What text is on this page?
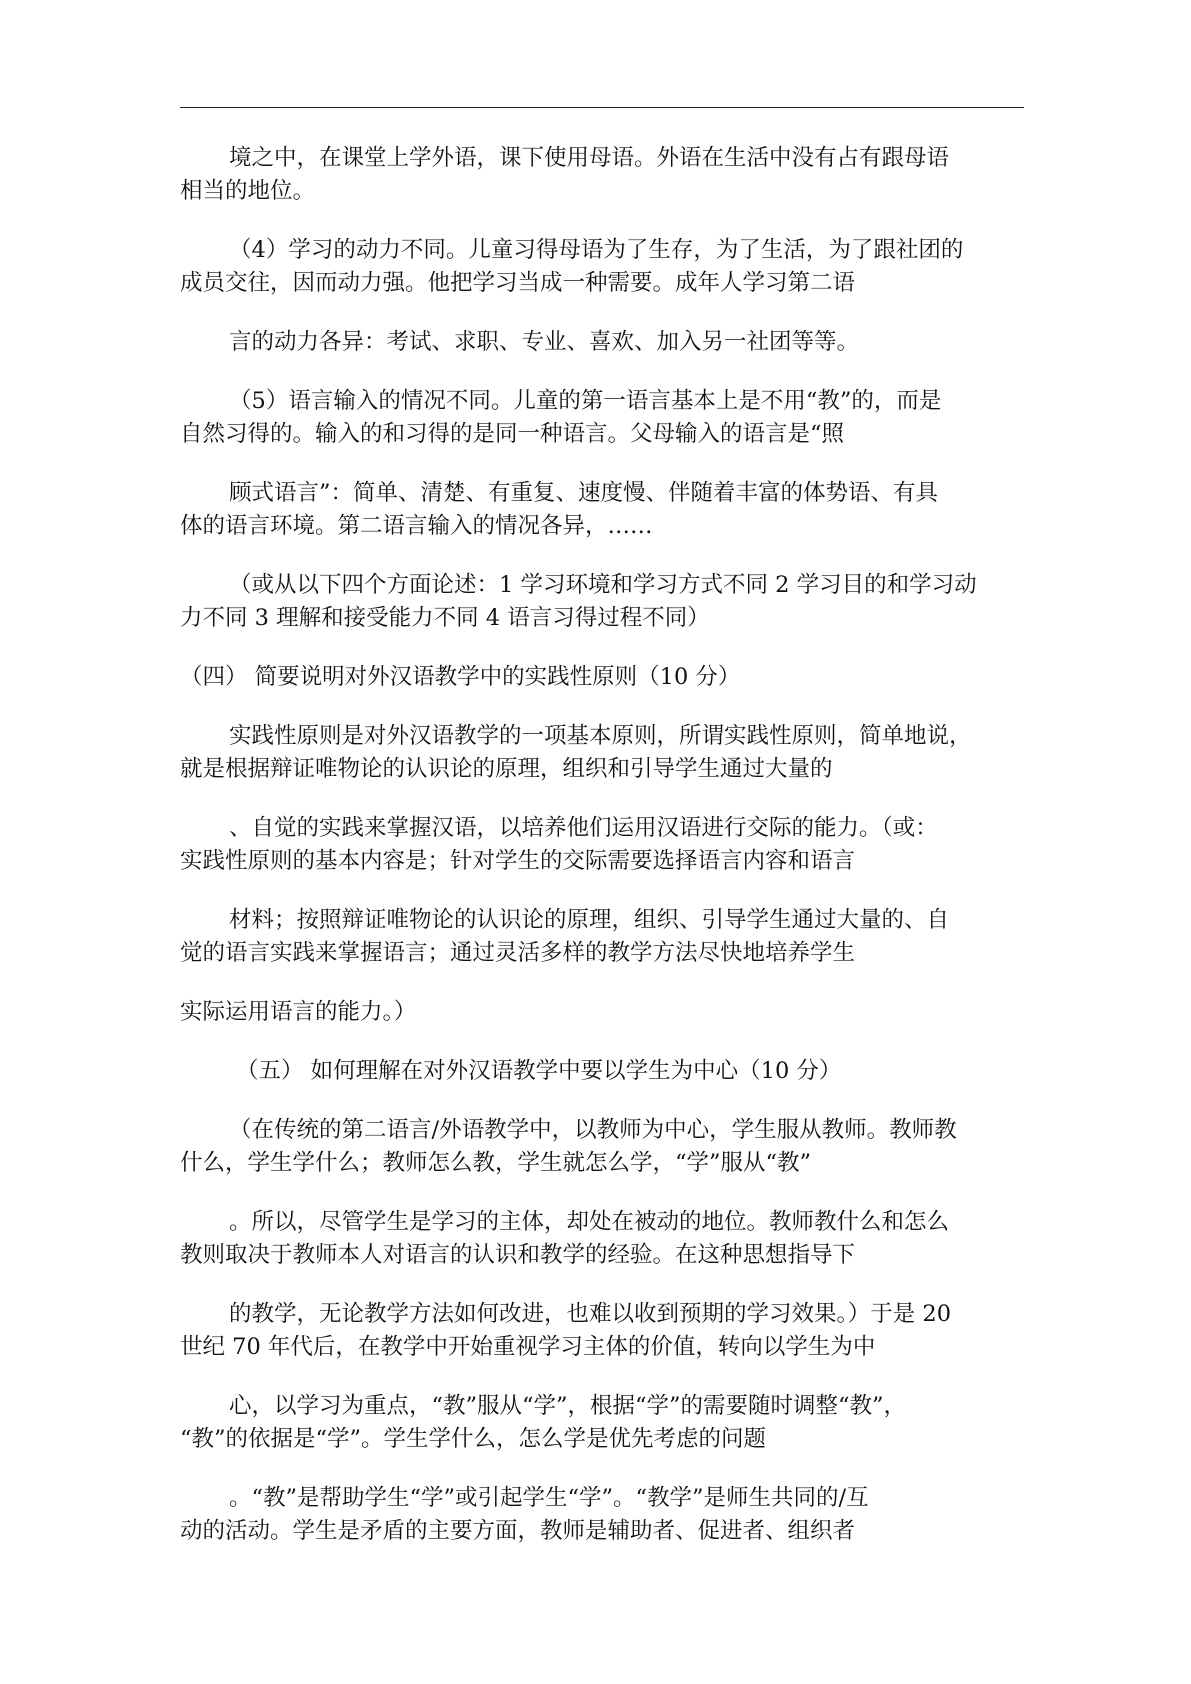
境之中，在课堂上学外语，课下使用母语。外语在生活中没有占有跟母语
相当的地位。
（4）学习的动力不同。儿童习得母语为了生存，为了生活，为了跟社团的
成员交往，因而动力强。他把学习当成一种需要。成年人学习第二语
言的动力各异：考试、求职、专业、喜欢、加入另一社团等等。
（5）语言输入的情况不同。儿童的第一语言基本上是不用“教”的，而是
自然习得的。输入的和习得的是同一种语言。父母输入的语言是“照
顾式语言”：简单、清楚、有重复、速度慢、伴随着丰富的体势语、有具
体的语言环境。第二语言输入的情况各异，……
（或从以下四个方面论述：1 学习环境和学习方式不同 2 学习目的和学习动
力不同 3 理解和接受能力不同 4 语言习得过程不同）
（四） 简要说明对外汉语教学中的实践性原则（10 分）
实践性原则是对外汉语教学的一项基本原则，所谓实践性原则，简单地说，
就是根据辩证唯物论的认识论的原理，组织和引导学生通过大量的
、自觉的实践来掌握汉语，以培养他们运用汉语进行交际的能力。（或：
实践性原则的基本内容是；针对学生的交际需要选择语言内容和语言
材料；按照辩证唯物论的认识论的原理，组织、引导学生通过大量的、自
觉的语言实践来掌握语言；通过灵活多样的教学方法尽快地培养学生
实际运用语言的能力。）
（五） 如何理解在对外汉语教学中要以学生为中心（10 分）
（在传统的第二语言/外语教学中，以教师为中心，学生服从教师。教师教
什么，学生学什么；教师怎么教，学生就怎么学，“学”服从“教”
。所以，尽管学生是学习的主体，却处在被动的地位。教师教什么和怎么
教则取决于教师本人对语言的认识和教学的经验。在这种思想指导下
的教学，无论教学方法如何改进，也难以收到预期的学习效果。）于是 20
世纪 70 年代后，在教学中开始重视学习主体的价值，转向以学生为中
心，以学习为重点，“教”服从“学”，根据“学”的需要随时调整“教”，
“教”的依据是“学”。学生学什么，怎么学是优先考虑的问题
。“教”是帮助学生“学”或引起学生“学”。“教学”是师生共同的/互
动的活动。学生是矛盾的主要方面，教师是辅助者、促进者、组织者
